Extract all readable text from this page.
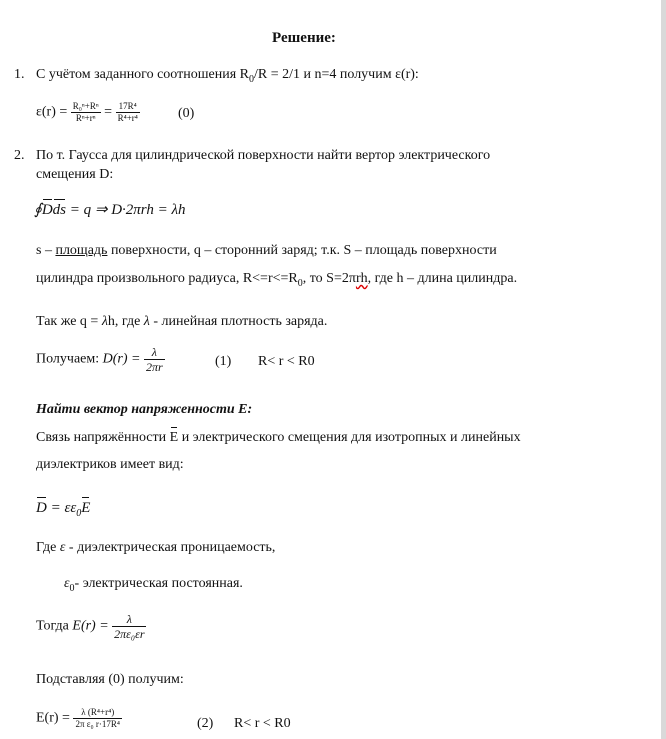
Решение:
1. С учётом заданного соотношения $R_0/R = 2/1$ и n=4 получим ε(r):
$\varepsilon(r) = \frac{\text{R₀ⁿ+Rⁿ}}{\text{Rⁿ+rⁿ}} = \frac{\text{17R⁴}}{\text{R⁴+r⁴}}$	(0)
2. По т. Гаусса для цилиндрической поверхности найти вертор электрического
смещения D:
∮Dds = q ⇒ D·2πrh = λh
s – площадь поверхности, q – сторонний заряд; т.к. S – площадь поверхности
цилиндра произвольного радиуса, $R<=r<=R_0$, то S=2πrh, где h – длина цилиндра.
Так же q = λh, где λ - линейная плотность заряда.
Получаем: $D(r) = \frac{\lambda}{2\pi r}$	(1) R< r < R0
Найти вектор напряженности Е:
Связь напряжённости E и электрического смещения для изотропных и линейных
диэлектриков имеет вид:
$D = \varepsilon\varepsilon_0E$
Где ε - диэлектрическая проницаемость,
$\varepsilon_0-$ электрическая постоянная.
Тогда $E(r) = \frac{\lambda}{\text{2πε₀εr}}$
Подставляя (0) получим:
$E(r) = \frac{\text{λ (R⁴+r⁴)}}{\text{2π ε₀ r·17R⁴}}$	(2) R< r < R0
